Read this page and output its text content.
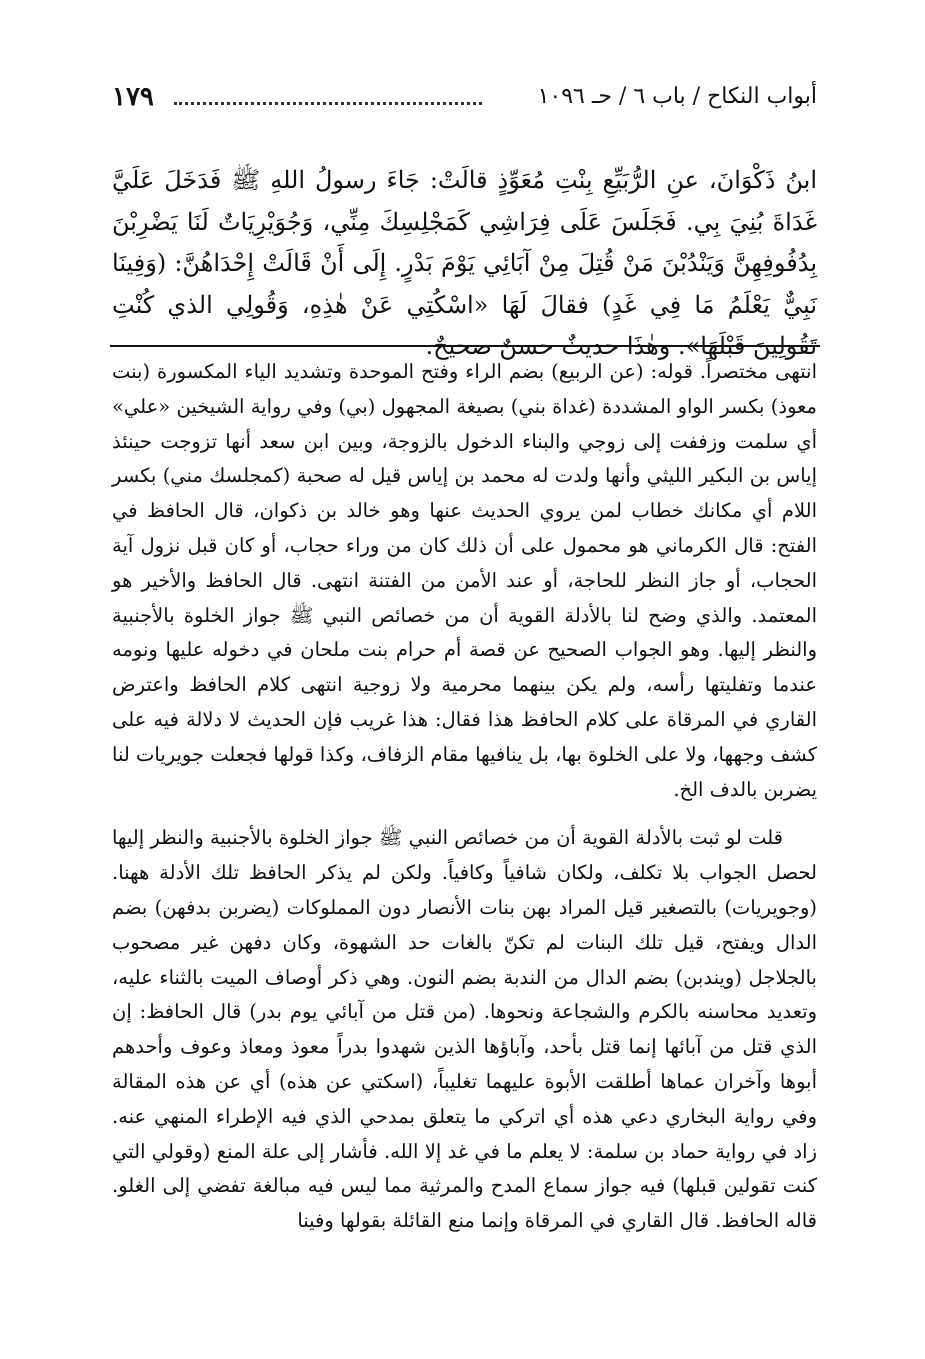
أبواب النكاح / باب ٦ / حـ ١٠٩٦
١٧٩

ابنُ ذَكْوَانَ، عنِ الرُّبَيِّعِ بِنْتِ مُعَوِّذٍ قالَتْ: جَاءَ رسولُ اللهِ ﷺ فَدَخَلَ عَلَيَّ غَدَاةَ بُنِيَ بِي. فَجَلَسَ عَلَى فِرَاشِي كَمَجْلِسِكَ مِنِّي، وَجُوَيْرِيَاتٌ لَنَا يَضْرِبْنَ بِدُفُوفِهِنَّ وَيَنْدُبْنَ مَنْ قُتِلَ مِنْ آبَائِي يَوْمَ بَدْرٍ. إِلَى أَنْ قَالَتْ إِحْدَاهُنَّ: (وَفِينَا نَبِيٌّ يَعْلَمُ مَا فِي غَدٍ) فقالَ لَهَا «اسْكُتِي عَنْ هٰذِهِ، وَقُولِي الذي كُنْتِ تَقُولِينَ قَبْلَهَا». وهٰذَا حديثٌ حسنٌ صحيحٌ.

انتهى مختصراً. قوله: (عن الربيع) بضم الراء وفتح الموحدة وتشديد الياء المكسورة (بنت معوذ) بكسر الواو المشددة (غداة بني) بصيغة المجهول (بي) وفي رواية الشيخين «علي» أي سلمت وزففت إلى زوجي والبناء الدخول بالزوجة، وبين ابن سعد أنها تزوجت حينئذ إياس بن البكير الليثي وأنها ولدت له محمد بن إياس قيل له صحبة (كمجلسك مني) بكسر اللام أي مكانك خطاب لمن يروي الحديث عنها وهو خالد بن ذكوان، قال الحافظ في الفتح: قال الكرماني هو محمول على أن ذلك كان من وراء حجاب، أو كان قبل نزول آية الحجاب، أو جاز النظر للحاجة، أو عند الأمن من الفتنة انتهى. قال الحافظ والأخير هو المعتمد. والذي وضح لنا بالأدلة القوية أن من خصائص النبي ﷺ جواز الخلوة بالأجنبية والنظر إليها. وهو الجواب الصحيح عن قصة أم حرام بنت ملحان في دخوله عليها ونومه عندما وتفليتها رأسه، ولم يكن بينهما محرمية ولا زوجية انتهى كلام الحافظ واعترض القاري في المرقاة على كلام الحافظ هذا فقال: هذا غريب فإن الحديث لا دلالة فيه على كشف وجهها، ولا على الخلوة بها، بل ينافيها مقام الزفاف، وكذا قولها فجعلت جويريات لنا يضربن بالدف الخ.

قلت لو ثبت بالأدلة القوية أن من خصائص النبي ﷺ جواز الخلوة بالأجنبية والنظر إليها لحصل الجواب بلا تكلف، ولكان شافياً وكافياً. ولكن لم يذكر الحافظ تلك الأدلة ههنا. (وجويريات) بالتصغير قيل المراد بهن بنات الأنصار دون المملوكات (يضربن بدفهن) بضم الدال ويفتح، قيل تلك البنات لم تكنّ بالغات حد الشهوة، وكان دفهن غير مصحوب بالجلاجل (ويندبن) بضم الدال من الندبة بضم النون. وهي ذكر أوصاف الميت بالثناء عليه، وتعديد محاسنه بالكرم والشجاعة ونحوها. (من قتل من آبائي يوم بدر) قال الحافظ: إن الذي قتل من آبائها إنما قتل بأحد، وآباؤها الذين شهدوا بدراً معوذ ومعاذ وعوف وأحدهم أبوها وآخران عماها أطلقت الأبوة عليهما تغليباً، (اسكتي عن هذه) أي عن هذه المقالة وفي رواية البخاري دعي هذه أي اتركي ما يتعلق بمدحي الذي فيه الإطراء المنهي عنه. زاد في رواية حماد بن سلمة: لا يعلم ما في غد إلا الله. فأشار إلى علة المنع (وقولي التي كنت تقولين قبلها) فيه جواز سماع المدح والمرثية مما ليس فيه مبالغة تفضي إلى الغلو. قاله الحافظ. قال القاري في المرقاة وإنما منع القائلة بقولها وفينا
